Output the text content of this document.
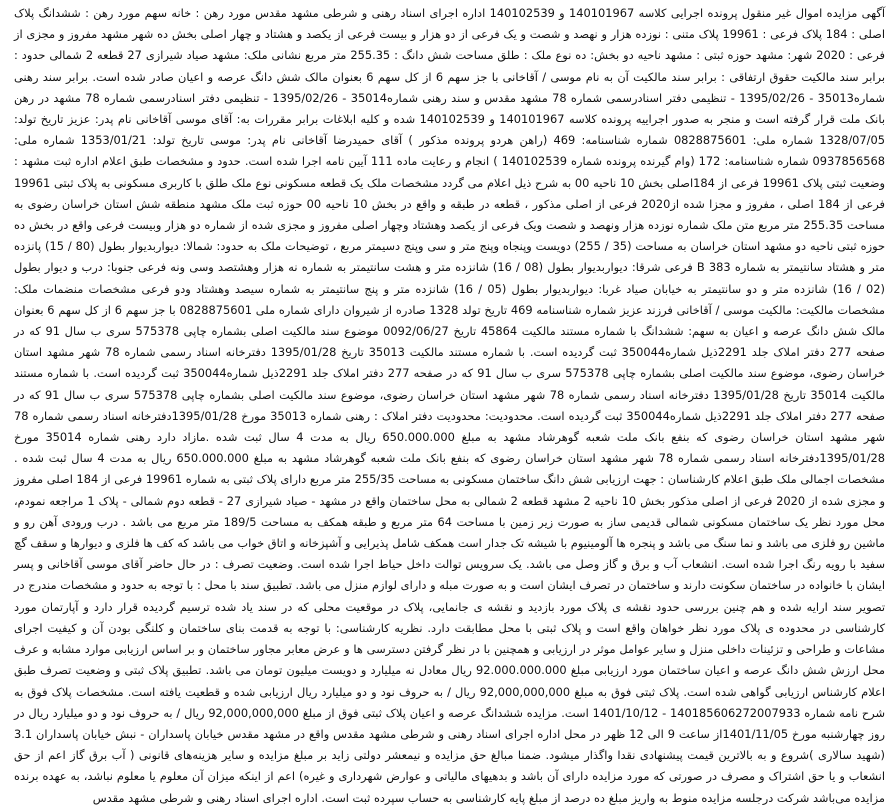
آگهی مزایده اموال غیر منقول پرونده اجرایی کلاسه 140101967 و 140102539 اداره اجرای اسناد رهنی و شرطی مشهد مقدس مورد رهن : خانه سهم مورد رهن : ششدانگ پلاک اصلی : 184 پلاک فرعی : 19961 پلاک متنی : نوزده هزار و نهصد و شصت و یک فرعی از دو هزار و بیست فرعی از یکصد و هشتاد و چهار اصلی بخش ده شهر مشهد مفروز و مجزی از فرعی : 2020 شهر: مشهد حوزه ثبتی : مشهد ناحیه دو بخش: ده نوع ملک : طلق مساحت شش دانگ : 255.35 متر مربع نشانی ملک: مشهد صیاد شیرازی 27 قطعه 2 شمالی حدود : برابر سند مالکیت حقوق ارتفاقی : برابر سند مالکیت آن به نام موسی / آقاخانی با جز سهم 6 از کل سهم 6 بعنوان مالک شش دانگ عرصه و اعیان صادر شده است. برابر سند رهنی شماره35013 - 1395/02/26 - تنظیمی دفتر اسنادرسمی شماره 78 مشهد مقدس و سند رهنی شماره35014 - 1395/02/26 - تنظیمی دفتر اسنادرسمی شماره 78 مشهد در رهن بانک ملت قرار گرفته است و منجر به صدور اجراییه پرونده کلاسه 140101967 و 140102539 شده و کلیه ابلاغات برابر مقررات به: آقای موسی آقاخانی نام پدر: عزیز تاریخ تولد: 1328/07/05 شماره ملی: 0828875601 شماره شناسنامه: 469 (راهن هردو پرونده مذکور ) آقای حمیدرضا آقاخانی نام پدر: موسی تاریخ تولد: 1353/01/21 شماره ملی: 0937856568 شماره شناسنامه: 172 (وام گیرنده پرونده شماره 140102539 ) انجام و رعایت ماده 111 آیین نامه اجرا شده است. حدود و مشخصات طبق اعلام اداره ثبت مشهد : وضعیت ثبتی پلاک 19961 فرعی از 184اصلی بخش 10 ناحیه 00 به شرح ذیل اعلام می گردد مشخصات ملک یک قطعه مسکونی نوع ملک طلق با کاربری مسکونی به پلاک ثبتی 19961 فرعی از 184 اصلی ، مفروز و مجزا شده از2020 فرعی از اصلی مذکور ، قطعه در طبقه و واقع در بخش 10 ناحیه 00 حوزه ثبت ملک مشهد منطقه شش استان خراسان رضوی به مساحت 255.35 متر مربع متن ملک شماره نوزده هزار ونهصد و شصت ویک فرعی از یکصد وهشتاد وچهار اصلی مفروز و مجزی شده از شماره دو هزار وبیست فرعی واقع در بخش ده حوزه ثبتی ناحیه دو مشهد استان خراسان به مساحت (35 / 255) دویست وپنجاه وپنج متر و سی وپنج دسیمتر مربع ، توضیحات ملک به حدود: شمالا: دیواربدیوار بطول (80 / 15) پانزده متر و هشتاد سانتیمتر به شماره 383 B فرعی شرقا: دیواربدیوار بطول (08 / 16) شانزده متر و هشت سانتیمتر به شماره نه هزار وهشتصد وسی ونه فرعی جنوبا: درب و دیوار بطول (02 / 16) شانزده متر و دو سانتیمتر به خیابان صیاد غربا: دیواربدیوار بطول (05 / 16) شانزده متر و پنج سانتیمتر به شماره سیصد وهشتاد ودو فرعی مشخصات منضمات ملک: مشخصات مالکیت: مالکیت موسی / آقاخانی فرزند عزیز شماره شناسنامه 469 تاریخ تولد 1328 صادره از شیروان دارای شماره ملی 0828875601 با جز سهم 6 از کل سهم 6 بعنوان مالک شش دانگ عرصه و اعیان به سهم: ششدانگ با شماره مستند مالکیت 45864 تاریخ 0092/06/27 موضوع سند مالکیت اصلی بشماره چاپی 575378 سری ب سال 91 که در صفحه 277 دفتر املاک جلد 2291ذیل شماره350044 ثبت گردیده است. با شماره مستند مالکیت 35013 تاریخ 1395/01/28 دفترخانه اسناد رسمی شماره 78 شهر مشهد استان خراسان رضوی، موضوع سند مالکیت اصلی بشماره چاپی 575378 سری ب سال 91 که در صفحه 277 دفتر املاک جلد 2291ذیل شماره350044 ثبت گردیده است. با شماره مستند مالکیت 35014 تاریخ 1395/01/28 دفترخانه اسناد رسمی شماره 78 شهر مشهد استان خراسان رضوی، موضوع سند مالکیت اصلی بشماره چاپی 575378 سری ب سال 91 که در صفحه 277 دفتر املاک جلد 2291ذیل شماره350044 ثبت گردیده است. محدودیت: محدودیت دفتر املاک : رهنی شماره 35013 مورخ 1395/01/28دفترخانه اسناد رسمی شماره 78 شهر مشهد استان خراسان رضوی که بنفع بانک ملت شعبه گوهرشاد مشهد به مبلغ 650.000.000 ریال به مدت 4 سال ثبت شده .مازاد دارد رهنی شماره 35014 مورخ 1395/01/28دفترخانه اسناد رسمی شماره 78 شهر مشهد استان خراسان رضوی که بنفع بانک ملت شعبه گوهرشاد مشهد به مبلغ 650.000.000 ریال به مدت 4 سال ثبت شده . مشخصات اجمالی ملک طبق اعلام کارشناسان : جهت ارزیابی شش دانگ ساختمان مسکونی به مساحت 255/35 متر مربع دارای پلاک ثبتی به شماره 19961 فرعی از 184 اصلی مفروز و مجزی شده از 2020 فرعی از اصلی مذکور بخش 10 ناحیه 2 مشهد قطعه 2 شمالی به محل ساختمان واقع در مشهد - صیاد شیرازی 27 - قطعه دوم شمالی - پلاک 1 مراجعه نمودم، محل مورد نظر یک ساختمان مسکونی شمالی قدیمی ساز به صورت زیر زمین با مساحت 64 متر مربع و طبقه همکف به مساحت 189/5 متر مربع می باشد . درب ورودی آهن رو و ماشین رو فلزی می باشد و نما سنگ می باشد و پنجره ها آلومینیوم با شیشه تک جدار است همکف شامل پذیرایی و آشپزخانه و اتاق خواب می باشد که کف ها فلزی و دیوارها و سقف گچ سفید با رویه رنگ اجرا شده است. انشعاب آب و برق و گاز وصل می باشد. یک سرویس توالت داخل حیاط اجرا شده است. وضعیت تصرف : در حال حاضر آقای موسی آقاخانی و پسر ایشان با خانواده در ساختمان سکونت دارند و ساختمان در تصرف ایشان است و به صورت مبله و دارای لوازم منزل می باشد. تطبیق سند با محل : با توجه به حدود و مشخصات مندرج در تصویر سند ارایه شده و هم چنین بررسی حدود نقشه ی پلاک مورد بازدید و نقشه ی جانمایی، پلاک در موقعیت محلی که در سند یاد شده ترسیم گردیده قرار دارد و آپارتمان مورد کارشناسی در محدوده ی پلاک مورد نظر خواهان واقع است و پلاک ثبتی با محل مطابقت دارد. نظریه کارشناسی: با توجه به قدمت بنای ساختمان و کلنگی بودن آن و کیفیت اجرای مشاعات و طراحی و تزئینات داخلی منزل و سایر عوامل موثر در ارزیابی و همچنین با در نظر گرفتن دسترسی ها و عرض معابر مجاور ساختمان و بر اساس ارزیابی موارد مشابه و عرف محل ارزش شش دانگ عرصه و اعیان ساختمان مورد ارزیابی مبلغ 92.000.000.000 ریال معادل نه میلیارد و دویست میلیون تومان می باشد. تطبیق پلاک ثبتی و وضعیت تصرف طبق اعلام کارشناس ارزیابی گواهی شده است. پلاک ثبتی فوق به مبلغ 92,000,000,000 ریال / به حروف نود و دو میلیارد ریال ارزیابی شده و قطعیت یافته است. مشخصات پلاک فوق به شرح نامه شماره 140185606272007933 - 1401/10/12 است. مزایده ششدانگ عرصه و اعیان پلاک ثبتی فوق از مبلغ 92,000,000,000 ریال / به حروف نود و دو میلیارد ریال در روز چهارشنبه مورخ 1401/11/05از ساعت 9 الی 12 ظهر در محل اداره اجرای اسناد رهنی و شرطی مشهد مقدس واقع در مشهد مقدس خیابان پاسداران - نبش خیابان پاسداران 3.1 (شهید سالاری )شروع و به بالاترین قیمت پیشنهادی نقدا واگذار میشود. ضمنا مبالغ حق مزایده و نیمعشر دولتی زاید بر مبلغ مزایده و سایر هزینه‌های قانونی ( آب برق گاز اعم از حق انشعاب و یا حق اشتراک و مصرف در صورتی که مورد مزایده دارای آن باشد و بدهیهای مالیاتی و عوارض شهرداری و غیره) اعم از اینکه میزان آن معلوم یا معلوم نباشد، به عهده برنده مزایده می‌باشد شرکت درجلسه مزایده منوط به واریز مبلغ ده درصد از مبلغ پایه کارشناسی به حساب سپرده ثبت است. اداره اجرای اسناد رهنی و شرطی مشهد مقدس
